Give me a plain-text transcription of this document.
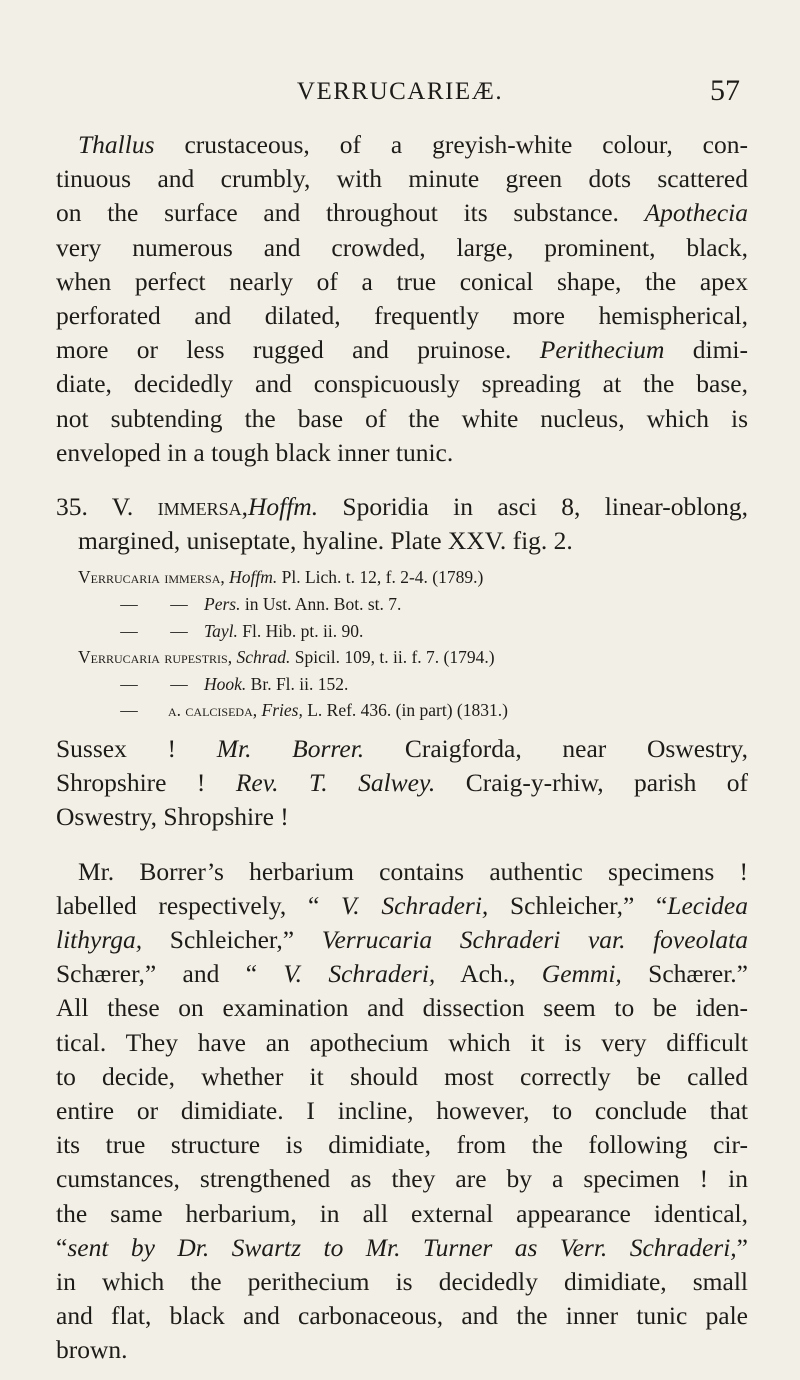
VERRUCARIEÆ.	57
Thallus crustaceous, of a greyish-white colour, con-
tinuous and crumbly, with minute green dots scattered
on the surface and throughout its substance. Apothecia
very numerous and crowded, large, prominent, black,
when perfect nearly of a true conical shape, the apex
perforated and dilated, frequently more hemispherical,
more or less rugged and pruinose. Perithecium dimi-
diate, decidedly and conspicuously spreading at the base,
not subtending the base of the white nucleus, which is
enveloped in a tough black inner tunic.
35. V. immersa,Hoffm. Sporidia in asci 8, linear-oblong,
margined, uniseptate, hyaline. Plate XXV. fig. 2.
Verrucaria immersa, Hoffm. Pl. Lich. t. 12, f. 2-4. (1789.)
— — Pers. in Ust. Ann. Bot. st. 7.
— — Tayl. Fl. Hib. pt. ii. 90.
Verrucaria rupestris, Schrad. Spicil. 109, t. ii. f. 7. (1794.)
— — Hook. Br. Fl. ii. 152.
— a. calciseda, Fries, L. Ref. 436. (in part) (1831.)
Sussex ! Mr. Borrer. Craigforda, near Oswestry,
Shropshire ! Rev. T. Salwey. Craig-y-rhiw, parish of
Oswestry, Shropshire !
Mr. Borrer’s herbarium contains authentic specimens !
labelled respectively, “ V. Schraderi, Schleicher,” “Lecidea
lithyrga, Schleicher,” Verrucaria Schraderi var. foveolata
Schærer,” and “ V. Schraderi, Ach., Gemmi, Schærer.”
All these on examination and dissection seem to be iden-
tical. They have an apothecium which it is very difficult
to decide, whether it should most correctly be called
entire or dimidiate. I incline, however, to conclude that
its true structure is dimidiate, from the following cir-
cumstances, strengthened as they are by a specimen ! in
the same herbarium, in all external appearance identical,
“sent by Dr. Swartz to Mr. Turner as Verr. Schraderi,”
in which the perithecium is decidedly dimidiate, small
and flat, black and carbonaceous, and the inner tunic pale
brown.
